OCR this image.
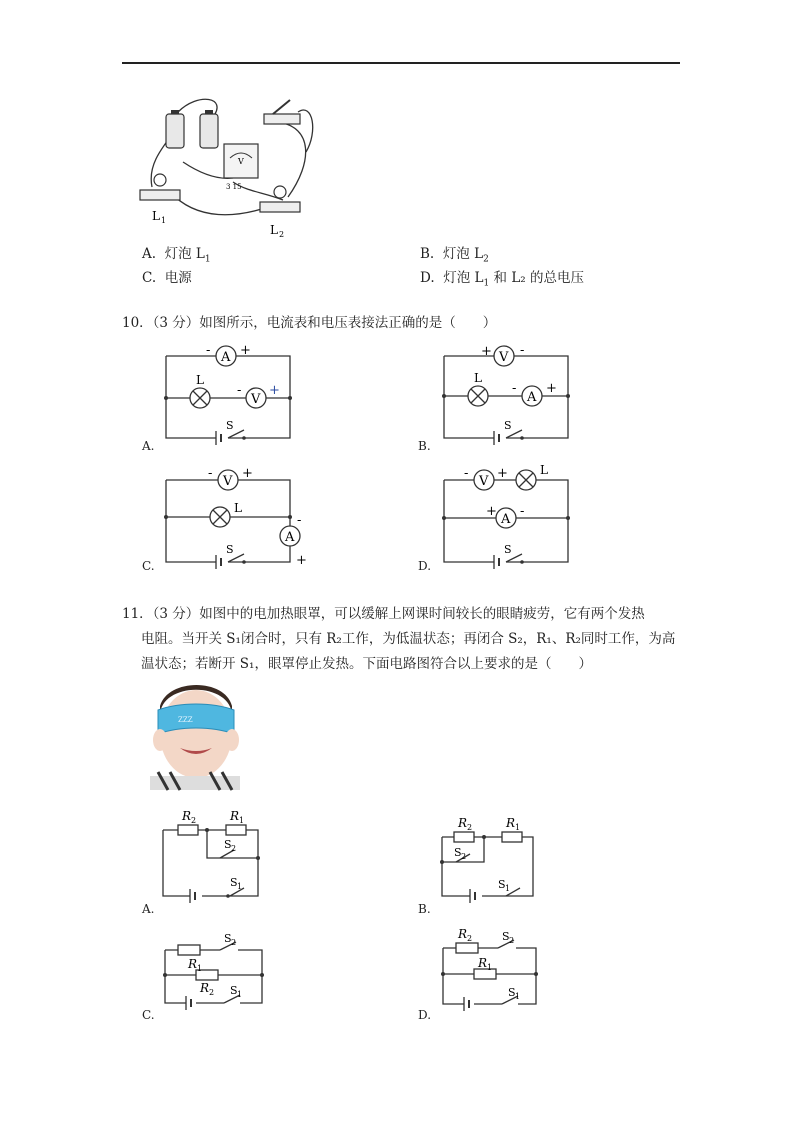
V
3 15
L 1
L 2
A. 灯泡 $L_1$	B. 灯泡 $L_2$
C. 电源	D. 灯泡 $L_1$ 和 L₂ 的总电压
10．（3 分）如图所示，电流表和电压表接法正确的是（　　）
A
- +
L
V
- +
S
A.
V
+ -
L
A
- +
S
B.
V
- +
L
A
-
+
S
C.
V
- +	L
A
+ -
S
D.
11．（3 分）如图中的电加热眼罩，可以缓解上网课时间较长的眼睛疲劳，它有两个发热
电阻。当开关 S₁闭合时，只有 R₂工作，为低温状态；再闭合 S₂，R₁、R₂同时工作，为高
温状态；若断开 S₁，眼罩停止发热。下面电路图符合以上要求的是（　　）
ZZZ
R 2	R 1
S 2
S 1
A.
R 2	R 1
S 2
S 1
B.
S 2
R 1
R 2 S 1
C.
R 2	S 2
R 1
S 1
D.
